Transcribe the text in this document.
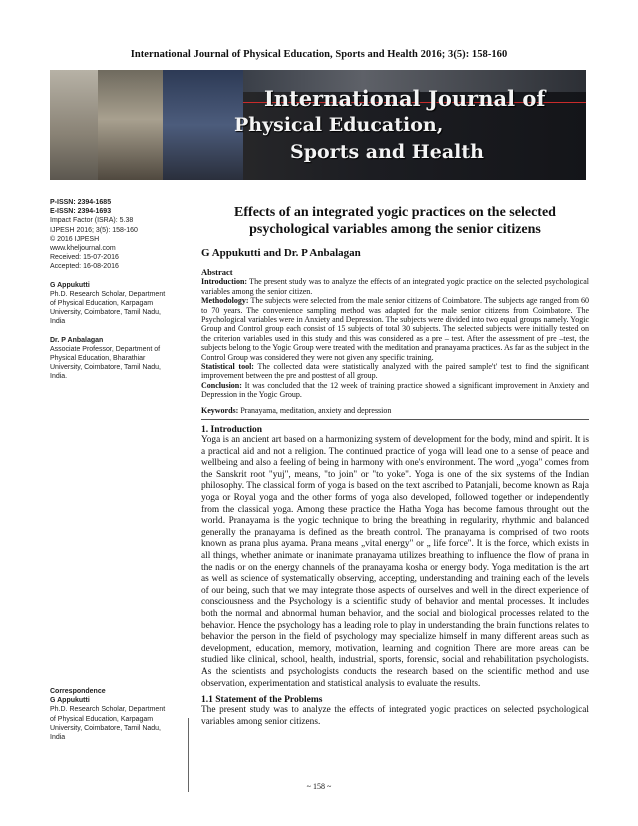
International Journal of Physical Education, Sports and Health 2016; 3(5): 158-160
International Journal of
Physical Education,
Sports and Health
P-ISSN: 2394-1685
E-ISSN: 2394-1693
Impact Factor (ISRA): 5.38
IJPESH 2016; 3(5): 158-160
© 2016 IJPESH
www.kheljournal.com
Received: 15-07-2016
Accepted: 16-08-2016
G Appukutti
Ph.D. Research Scholar, Department of Physical Education, Karpagam University, Coimbatore, Tamil Nadu, India
Dr. P Anbalagan
Associate Professor, Department of Physical Education, Bharathiar University, Coimbatore, Tamil Nadu, India.
Correspondence
G Appukutti
Ph.D. Research Scholar, Department of Physical Education, Karpagam University, Coimbatore, Tamil Nadu, India
Effects of an integrated yogic practices on the selected psychological variables among the senior citizens
G Appukutti and Dr. P Anbalagan
Abstract

Introduction: The present study was to analyze the effects of an integrated yogic practice on the selected psychological variables among the senior citizen.

Methodology: The subjects were selected from the male senior citizens of Coimbatore. The subjects age ranged from 60 to 70 years. The convenience sampling method was adapted for the male senior citizens from Coimbatore. The Psychological variables were in Anxiety and Depression. The subjects were divided into two equal groups namely. Yogic Group and Control group each consist of 15 subjects of total 30 subjects. The selected subjects were initially tested on the criterion variables used in this study and this was considered as a pre – test. After the assessment of pre –test, the subjects belong to the Yogic Group were treated with the meditation and pranayama practices. As far as the subject in the Control Group was considered they were not given any specific training.

Statistical tool: The collected data were statistically analyzed with the paired sample't' test to find the significant improvement between the pre and posttest of all group.

Conclusion: It was concluded that the 12 week of training practice showed a significant improvement in Anxiety and Depression in the Yogic Group.

Keywords: Pranayama, meditation, anxiety and depression
1. Introduction

Yoga is an ancient art based on a harmonizing system of development for the body, mind and spirit. It is a practical aid and not a religion. The continued practice of yoga will lead one to a sense of peace and wellbeing and also a feeling of being in harmony with one's environment. The word „yoga" comes from the Sanskrit root "yuj", means, "to join" or "to yoke". Yoga is one of the six systems of the Indian philosophy. The classical form of yoga is based on the text ascribed to Patanjali, become known as Raja yoga or Royal yoga and the other forms of yoga also developed, followed together or independently from the classical yoga. Among these practice the Hatha Yoga has become famous throught out the world. Pranayama is the yogic technique to bring the breathing in regularity, rhythmic and balanced generally the pranayama is defined as the breath control. The pranayama is comprised of two roots known as prana plus ayama. Prana means „vital energy" or „ life force". It is the force, which exists in all things, whether animate or inanimate pranayama utilizes breathing to influence the flow of prana in the nadis or on the energy channels of the pranayama kosha or energy body. Yoga meditation is the art as well as science of systematically observing, accepting, understanding and training each of the levels of our being, such that we may integrate those aspects of ourselves and well in the direct experience of consciousness and the Psychology is a scientific study of behavior and mental processes. It includes both the normal and abnormal human behavior, and the social and biological processes related to the behavior. Hence the psychology has a leading role to play in understanding the brain functions relates to behavior the person in the field of psychology may specialize himself in many different areas such as development, education, memory, motivation, learning and cognition There are more areas can be studied like clinical, school, health, industrial, sports, forensic, social and rehabilitation psychologists. As the scientists and psychologists conducts the research based on the scientific method and use observation, experimentation and statistical analysis to evaluate the results.

1.1 Statement of the Problems

The present study was to analyze the effects of integrated yogic practices on selected psychological variables among senior citizens.

~ 158 ~
